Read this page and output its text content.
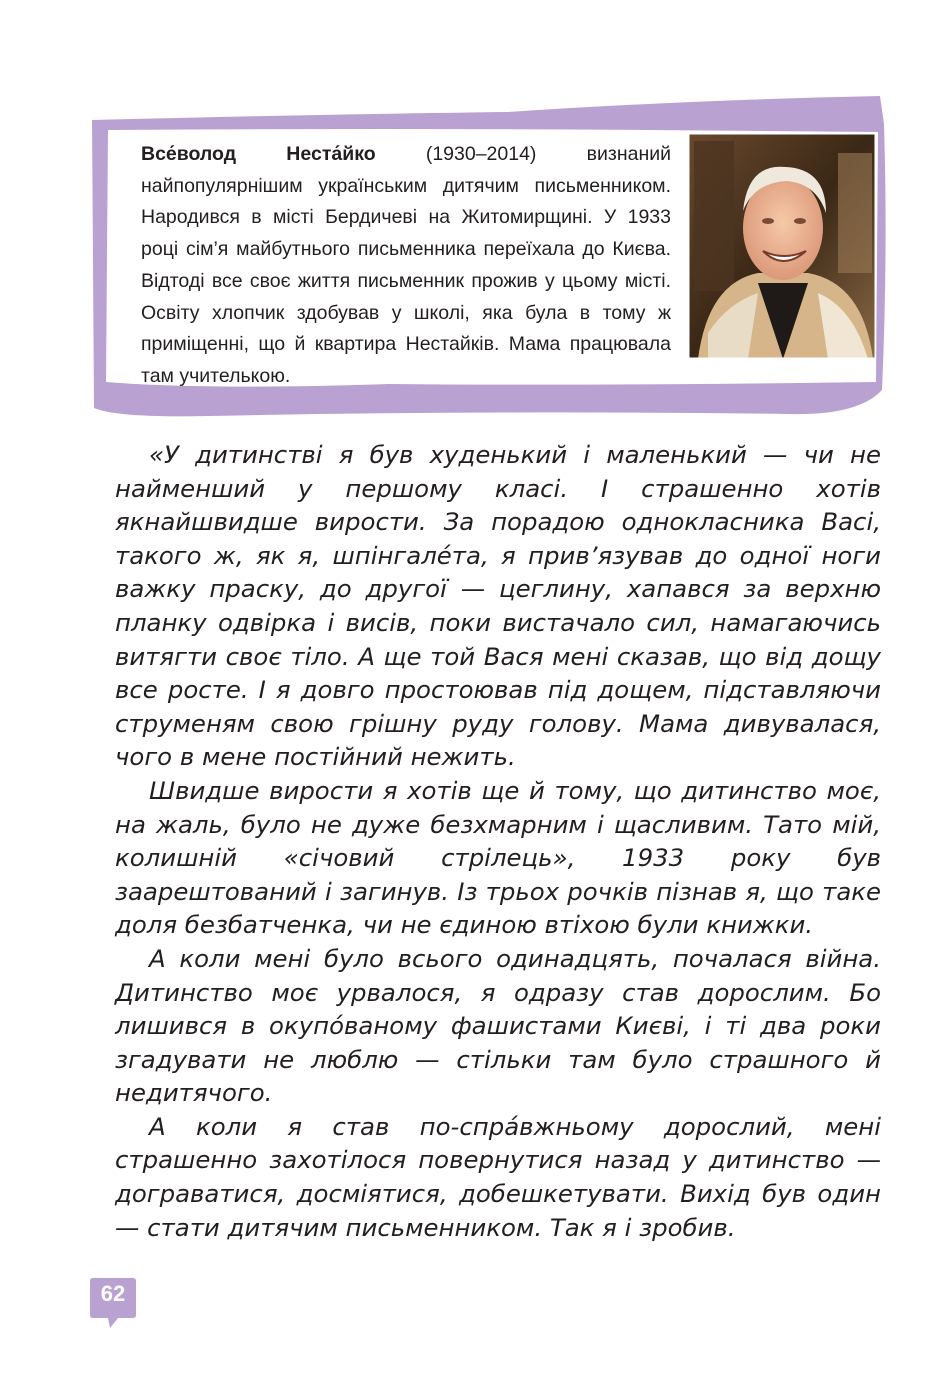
Все́волод Неста́йко (1930–2014) визнаний найпопулярнішим українським дитячим письменником. Народився в місті Бердичеві на Житомирщині. У 1933 році сім’я майбутнього письменника переїхала до Києва. Відтоді все своє життя письменник прожив у цьому місті. Освіту хлопчик здобував у школі, яка була в тому ж приміщенні, що й квартира Нестайків. Мама працювала там учителькою.

«У дитинстві я був худенький і маленький — чи не найменший у першому класі. І страшенно хотів якнайшвидше вирости. За порадою однокласника Васі, такого ж, як я, шпінгале́та, я прив’язував до одної ноги важку праску, до другої — цеглину, хапався за верхню планку одвірка і висів, поки вистачало сил, намагаючись витягти своє тіло. А ще той Вася мені сказав, що від дощу все росте. І я довго простоював під дощем, підставляючи струменям свою грішну руду голову. Мама дивувалася, чого в мене постійний нежить.

Швидше вирости я хотів ще й тому, що дитинство моє, на жаль, було не дуже безхмарним і щасливим. Тато мій, колишній «січовий стрілець», 1933 року був заарештований і загинув. Із трьох рочків пізнав я, що таке доля безбатченка, чи не єдиною втіхою були книжки.

А коли мені було всього одинадцять, почалася війна. Дитинство моє урвалося, я одразу став дорослим. Бо лишився в окупо́ваному фашистами Києві, і ті два роки згадувати не люблю — стільки там було страшного й недитячого.

А коли я став по-спра́вжньому дорослий, мені страшенно захотілося повернутися назад у дитинство — дограватися, досміятися, добешкетувати. Вихід був один — стати дитячим письменником. Так я і зробив.

62
